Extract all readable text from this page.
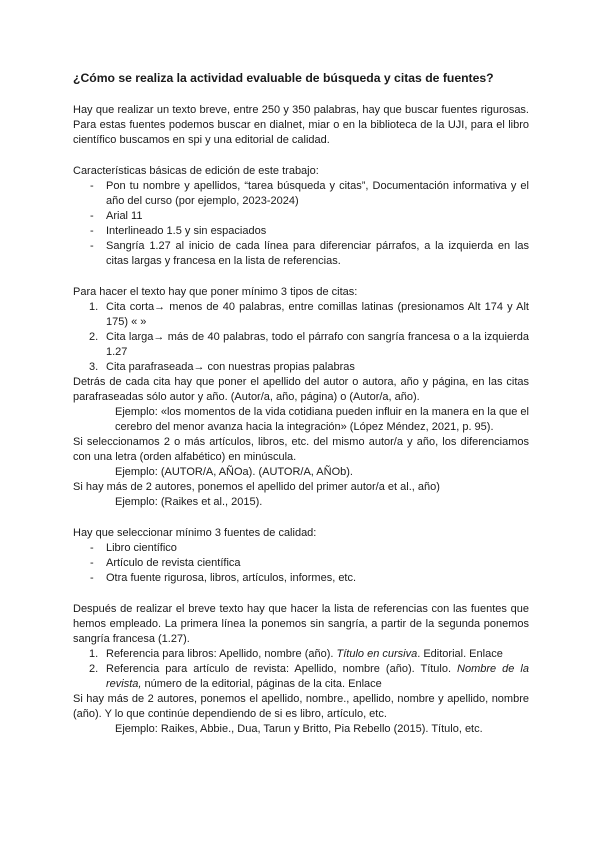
¿Cómo se realiza la actividad evaluable de búsqueda y citas de fuentes?

Hay que realizar un texto breve, entre 250 y 350 palabras, hay que buscar fuentes rigurosas. Para estas fuentes podemos buscar en dialnet, miar o en la biblioteca de la UJI, para el libro científico buscamos en spi y una editorial de calidad.

Características básicas de edición de este trabajo:

- Pon tu nombre y apellidos, “tarea búsqueda y citas”, Documentación informativa y el año del curso (por ejemplo, 2023-2024)
- Arial 11
- Interlineado 1.5 y sin espaciados
- Sangría 1.27 al inicio de cada línea para diferenciar párrafos, a la izquierda en las citas largas y francesa en la lista de referencias.

Para hacer el texto hay que poner mínimo 3 tipos de citas:

1. Cita corta→ menos de 40 palabras, entre comillas latinas (presionamos Alt 174 y Alt 175) « »
2. Cita larga→ más de 40 palabras, todo el párrafo con sangría francesa o a la izquierda 1.27
3. Cita parafraseada→ con nuestras propias palabras

Detrás de cada cita hay que poner el apellido del autor o autora, año y página, en las citas parafraseadas sólo autor y año. (Autor/a, año, página) o (Autor/a, año).

Ejemplo: «los momentos de la vida cotidiana pueden influir en la manera en la que el cerebro del menor avanza hacia la integración» (López Méndez, 2021, p. 95).

Si seleccionamos 2 o más artículos, libros, etc. del mismo autor/a y año, los diferenciamos con una letra (orden alfabético) en minúscula.

Ejemplo: (AUTOR/A, AÑOa). (AUTOR/A, AÑOb).

Si hay más de 2 autores, ponemos el apellido del primer autor/a et al., año)

Ejemplo: (Raikes et al., 2015).

Hay que seleccionar mínimo 3 fuentes de calidad:

- Libro científico
- Artículo de revista científica
- Otra fuente rigurosa, libros, artículos, informes, etc.

Después de realizar el breve texto hay que hacer la lista de referencias con las fuentes que hemos empleado. La primera línea la ponemos sin sangría, a partir de la segunda ponemos sangría francesa (1.27).

1. Referencia para libros: Apellido, nombre (año). Título en cursiva. Editorial. Enlace
2. Referencia para artículo de revista: Apellido, nombre (año). Título. Nombre de la revista, número de la editorial, páginas de la cita. Enlace

Si hay más de 2 autores, ponemos el apellido, nombre., apellido, nombre y apellido, nombre (año). Y lo que continúe dependiendo de si es libro, artículo, etc.

Ejemplo: Raikes, Abbie., Dua, Tarun y Britto, Pia Rebello (2015). Título, etc.
